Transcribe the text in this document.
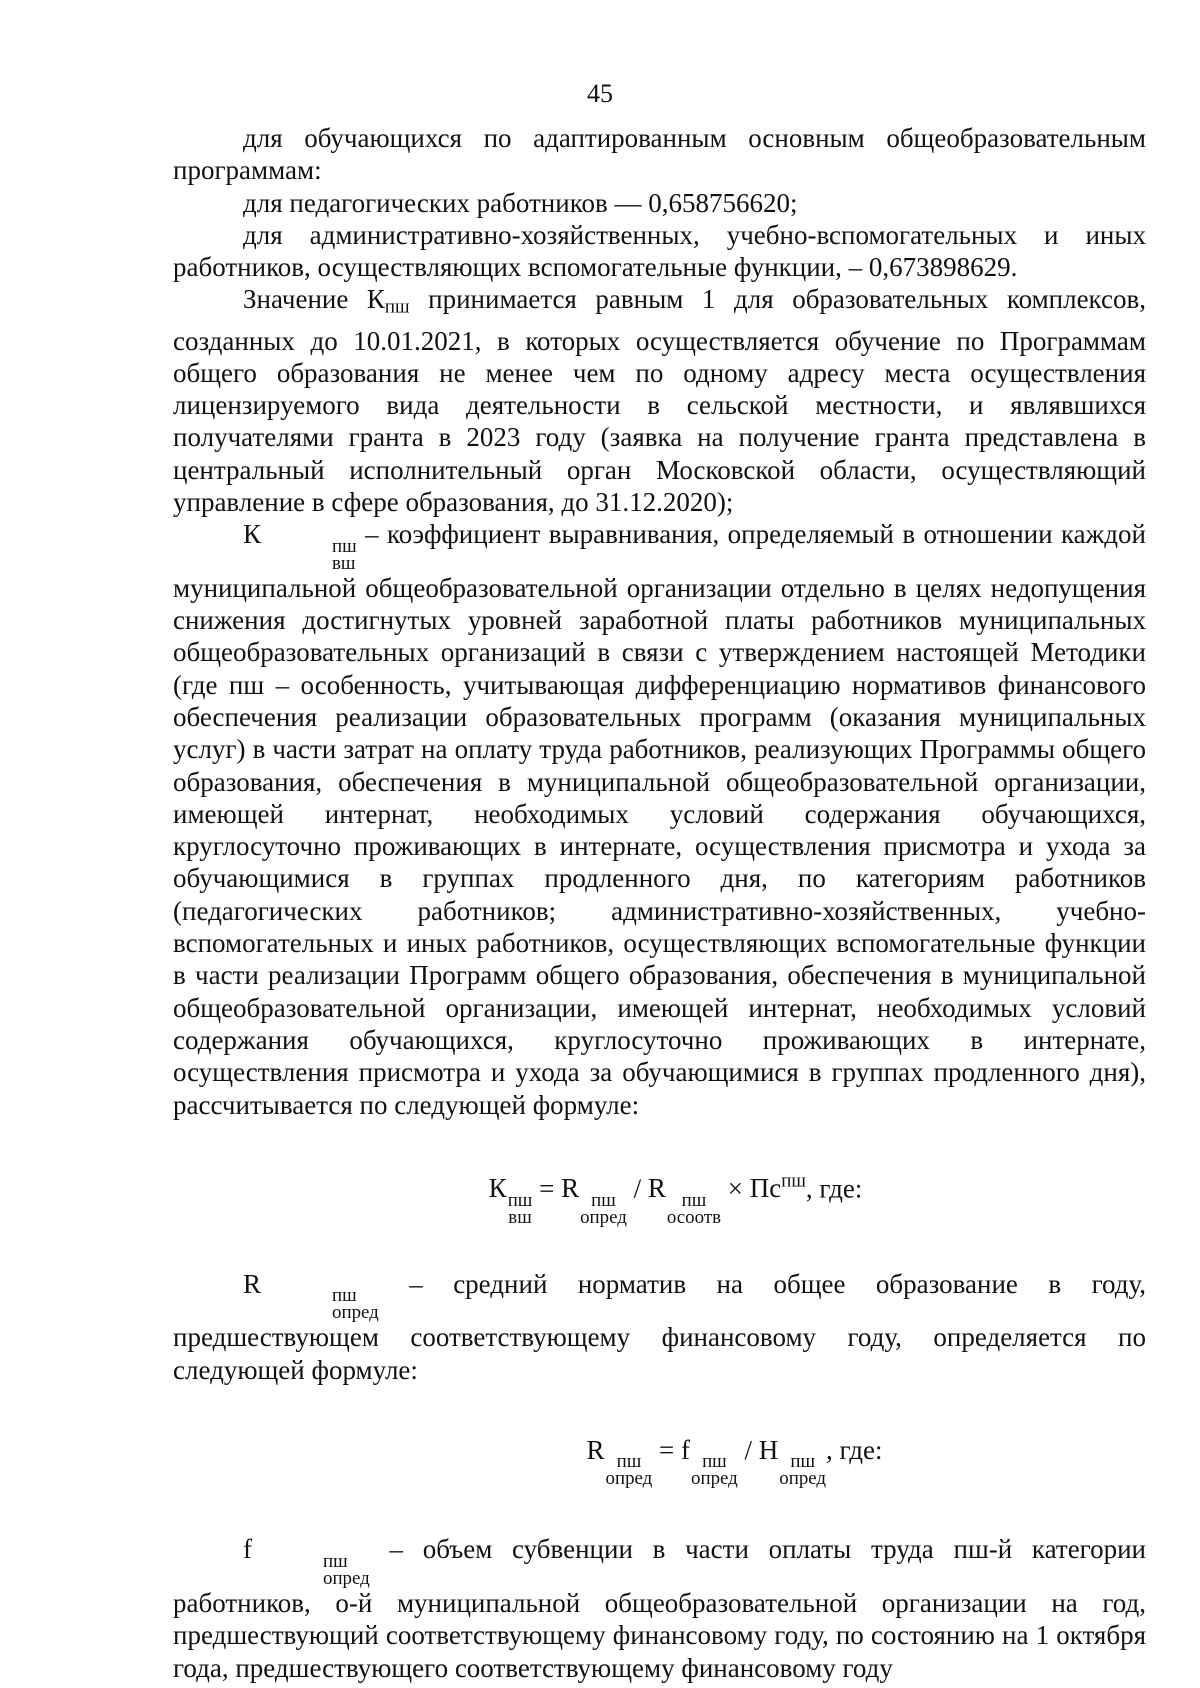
45

для обучающихся по адаптированным основным общеобразовательным программам:

для педагогических работников — 0,658756620;

для административно-хозяйственных, учебно-вспомогательных и иных работников, осуществляющих вспомогательные функции, – 0,673898629.

Значение Кпш принимается равным 1 для образовательных комплексов, созданных до 10.01.2021, в которых осуществляется обучение по Программам общего образования не менее чем по одному адресу места осуществления лицензируемого вида деятельности в сельской местности, и являвшихся получателями гранта в 2023 году (заявка на получение гранта представлена в центральный исполнительный орган Московской области, осуществляющий управление в сфере образования, до 31.12.2020);

К	пш
вш
– коэффициент выравнивания, определяемый в отношении каждой муниципальной общеобразовательной организации отдельно в целях недопущения снижения достигнутых уровней заработной платы работников муниципальных общеобразовательных организаций в связи с утверждением настоящей Методики (где пш – особенность, учитывающая дифференциацию нормативов финансового обеспечения реализации образовательных программ (оказания муниципальных услуг) в части затрат на оплату труда работников, реализующих Программы общего образования, обеспечения в муниципальной общеобразовательной организации, имеющей интернат, необходимых условий содержания обучающихся, круглосуточно проживающих в интернате, осуществления присмотра и ухода за обучающимися в группах продленного дня, по категориям работников (педагогических работников; административно-хозяйственных, учебно-вспомогательных и иных работников, осуществляющих вспомогательные функции в части реализации Программ общего образования, обеспечения в муниципальной общеобразовательной организации, имеющей интернат, необходимых условий содержания обучающихся, круглосуточно проживающих в интернате, осуществления присмотра и ухода за обучающимися в группах продленного дня), рассчитывается по следующей формуле:

К пш
вш
= R пш
опред
/ R пш
осоотв
× $Пс^{пш}$, где:

R	пш
опред
– средний норматив на общее образование в году, предшествующем соответствующему финансовому году, определяется по следующей формуле:

R пш
опред
= f пш
опред
/ Н пш
опред
, где:

f	пш
опред
– объем субвенции в части оплаты труда пш-й категории работников, о-й муниципальной общеобразовательной организации на год, предшествующий соответствующему финансовому году, по состоянию на 1 октября года, предшествующего соответствующему финансовому году
